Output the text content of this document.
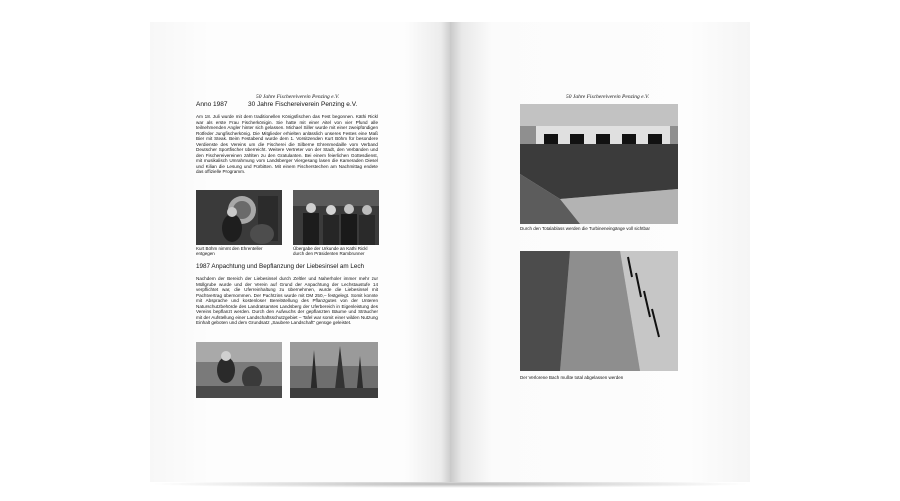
50 Jahre Fischereiverein Penzing e.V.
Anno 1987	30 Jahre Fischereiverein Penzing e.V.

Am 18. Juli wurde mit dem traditionellen Königsfischen das Fest begonnen. Käthi Rickl war als erste Frau Fischerkönigin. Sie hatte mit einer Aitel von vier Pfund alle teilnehmenden Angler hinter sich gelassen. Michael Siller wurde mit einer zweipfündigen Rotfeder Jungfischerkönig. Die Mitglieder erhielten anlässlich unseres Festes eine Maß Bier mit Steak. Beim Festabend wurde dem 1. Vorsitzenden Kurt Böhm für besondere Verdienste des Vereins um die Fischerei die Silberne Ehrenmedaille vom Verband Deutscher Sportfischer überreicht. Weitere Vertreter von der Stadt, den Verbänden und den Fischereivereinen zählten zu den Gratulanten. Bei einem feierlichen Gottesdienst, mit musikalisch Umrahmung vom Landsberger Viergesang lasen die Kameraden Diesel und Kilian die Lesung und Fürbitten. Mit einem Fischerstechen am Nachmittag endete das offizielle Programm.

Kurt Böhm nimmt den Ehrenteller entgegen
Übergabe der Urkunde an Kathi Rickl durch den Präsidenten Rambrunner
1987 Anpachtung und Bepflanzung der Liebesinsel am Lech

Nachdem der Bereich der Liebesinsel durch Zeltler und Naherholer immer mehr zur Müllgrube wurde und der Verein auf Grund der Anpachtung der Lechstaustufe 14 verpflichtet war, die Uferreinhaltung zu übernehmen, wurde die Liebesinsel mit Pachtvertrag übernommen. Der Pachtzins wurde mit DM 250,– festgelegt. Somit konnte mit Absprache und kostenloser Bereitstellung des Pflanzgutes von der Unteren Naturschutzbehörde des Landratsamtes Landsberg der Uferbereich in Eigenleistung des Vereins bepflanzt werden. Durch den Aufwuchs der gepflanzten Bäume und Sträucher mit der Aufstellung einer Landschaftsschutzgebiet – Tafel war somit einer wilden Nutzung Einhalt geboten und dem Grundsatz „Saubere Landschaft“ genüge geleistet.

50 Jahre Fischereiverein Penzing e.V.
Durch den Totalablass werden die Turbineneingänge voll sichtbar
Der Verlorene Bach mußte total abgelassen werden
